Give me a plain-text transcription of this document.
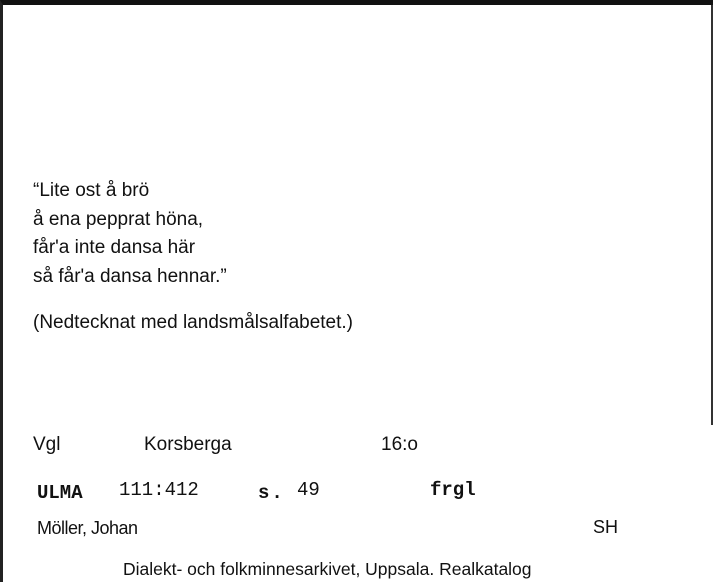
“Lite ost å brö
å ena pepprat höna,
får'a inte dansa här
så får'a dansa hennar.”
(Nedtecknat med landsmålsalfabetet.)
Vgl	Korsberga	16:o
ULMA 111:412	s. 49	frgl
Möller, Johan	SH
Dialekt- och folkminnesarkivet, Uppsala. Realkatalog
